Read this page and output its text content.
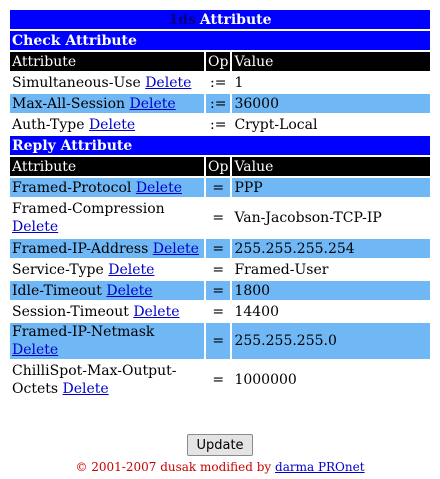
1ds Attribute		
Check Attribute		
Attribute	Op	Value
Simultaneous-Use Delete	:=	1
Max-All-Session Delete	:=	36000
Auth-Type Delete	:=	Crypt-Local
Reply Attribute		
Attribute	Op	Value
Framed-Protocol Delete	=	PPP
Framed-Compression Delete	=	Van-Jacobson-TCP-IP
Framed-IP-Address Delete	=	255.255.255.254
Service-Type Delete	=	Framed-User
Idle-Timeout Delete	=	1800
Session-Timeout Delete	=	14400
Framed-IP-Netmask Delete	=	255.255.255.0
ChilliSpot-Max-Output-Octets Delete	=	1000000
Update
© 2001-2007 dusak modified by darma PROnet
